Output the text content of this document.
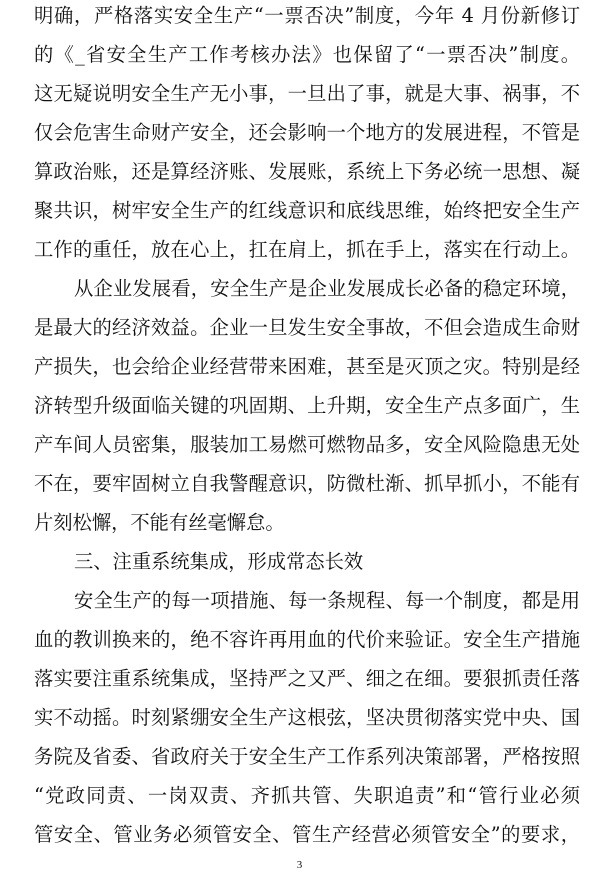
明确，严格落实安全生产“一票否决”制度，今年 4 月份新修订
的《_省安全生产工作考核办法》也保留了“一票否决”制度。
这无疑说明安全生产无小事，一旦出了事，就是大事、祸事，不
仅会危害生命财产安全，还会影响一个地方的发展进程，不管是
算政治账，还是算经济账、发展账，系统上下务必统一思想、凝
聚共识，树牢安全生产的红线意识和底线思维，始终把安全生产
工作的重任，放在心上，扛在肩上，抓在手上，落实在行动上。
从企业发展看，安全生产是企业发展成长必备的稳定环境，
是最大的经济效益。企业一旦发生安全事故，不但会造成生命财
产损失，也会给企业经营带来困难，甚至是灭顶之灾。特别是经
济转型升级面临关键的巩固期、上升期，安全生产点多面广，生
产车间人员密集，服装加工易燃可燃物品多，安全风险隐患无处
不在，要牢固树立自我警醒意识，防微杜渐、抓早抓小，不能有
片刻松懈，不能有丝毫懈怠。
三、注重系统集成，形成常态长效
安全生产的每一项措施、每一条规程、每一个制度，都是用
血的教训换来的，绝不容许再用血的代价来验证。安全生产措施
落实要注重系统集成，坚持严之又严、细之在细。要狠抓责任落
实不动摇。时刻紧绷安全生产这根弦，坚决贯彻落实党中央、国
务院及省委、省政府关于安全生产工作系列决策部署，严格按照
“党政同责、一岗双责、齐抓共管、失职追责”和“管行业必须
管安全、管业务必须管安全、管生产经营必须管安全”的要求，
3
